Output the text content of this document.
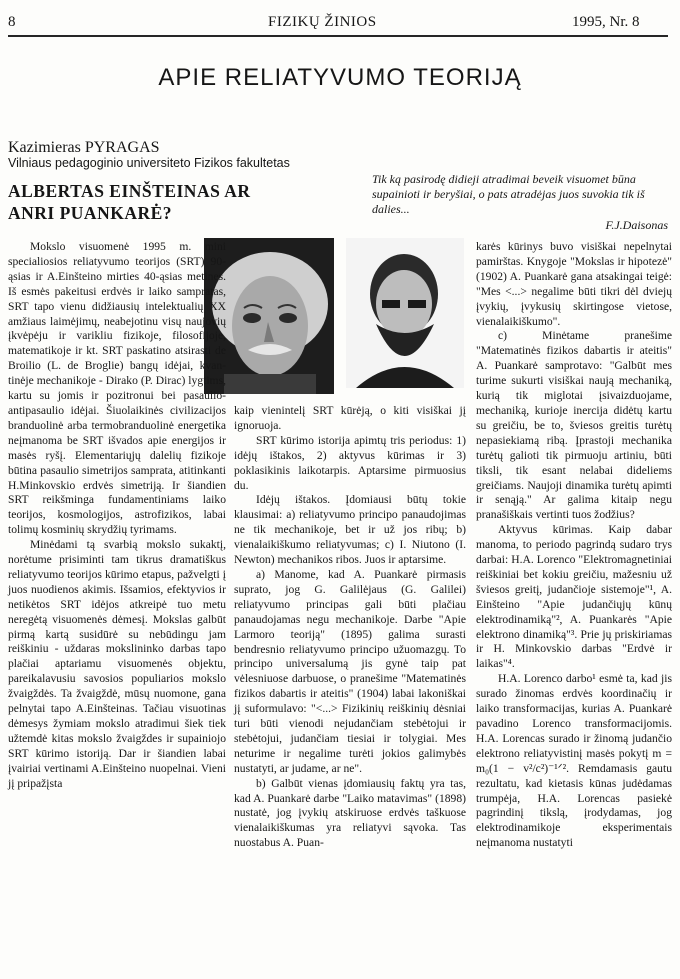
8	FIZIKŲ ŽINIOS	1995, Nr. 8
APIE RELIATYVUMO TEORIJĄ
Kazimieras PYRAGAS
Vilniaus pedagoginio universiteto Fizikos fakultetas
ALBERTAS EINŠTEINAS AR
ANRI PUANKARĖ?
Tik ką pasirodę didieji atradimai beveik visuomet būna supainioti ir beryšiai, o pats atradėjas juos suvokia tik iš dalies...
F.J.Daisonas

Mokslo visuomenė 1995 m. mini specialiosios reliatyvumo teorijos (SRT) 90-ąsias ir A.Einšteino mirties 40-ąsias metines. Iš esmės pakeitusi erdvės ir laiko sampratas, SRT tapo vienu didžiausių intelektualių XX amžiaus laimėjimų, neabejotinu visų naujovių įkvėpėju ir varikliu fizikoje, filosofijoje, matematikoje ir kt. SRT paskatino atsirasti de Broilio (L. de Broglie) bangų idėjai, kvan- tinėje mechanikoje - Dirako (P. Dirac) lygtims, kartu su jomis ir pozitronui bei pasaulio-antipasaulio idėjai. Šiuolaikinės civilizacijos branduolinė arba termobranduolinė energetika neįmanoma be SRT išvados apie energijos ir masės ryšį. Elementariųjų dalelių fizikoje būtina pasaulio simetrijos samprata, atitinkanti H.Minkovskio erdvės simetriją. Ir šiandien SRT reikšminga fundamentiniams laiko teorijos, kosmologijos, astrofizikos, labai tolimų kosminių skrydžių tyrimams.

Minėdami tą svarbią mokslo sukaktį, norėtume prisiminti tam tikrus dramatiškus reliatyvumo teorijos kūrimo etapus, pažvelgti į juos nuodienos akimis. Išsamios, efektyvios ir netikėtos SRT idėjos atkreipė tuo metu neregėtą visuomenės dėmesį. Mokslas galbūt pirmą kartą susidūrė su nebūdingu jam reiškiniu - uždaras mokslininko darbas tapo plačiai aptariamu visuomenės objektu, pareikalavusiu savosios populiarios mokslo žvaigždės. Ta žvaigždė, mūsų nuomone, gana pelnytai tapo A.Einšteinas. Tačiau visuotinas dėmesys žymiam mokslo atradimui šiek tiek užtemdė kitas mokslo žvaigždes ir supainiojo SRT kūrimo istoriją. Dar ir šiandien labai įvairiai vertinami A.Einšteino nuopelnai. Vieni jį pripažįsta

kaip vienintelį SRT kūrėją, o kiti visiškai jį ignoruoja.

SRT kūrimo istorija apimtų tris periodus: 1) idėjų ištakos, 2) aktyvus kūrimas ir 3) poklasikinis laikotarpis. Aptarsime pirmuosius du.

Idėjų ištakos. Įdomiausi būtų tokie klausimai: a) reliatyvumo principo panaudojimas ne tik mechanikoje, bet ir už jos ribų; b) vienalaikiškumo reliatyvumas; c) I. Niutono (I. Newton) mechanikos ribos. Juos ir aptarsime.

a) Manome, kad A. Puankarė pirmasis suprato, jog G. Galilėjaus (G. Galilei) reliatyvumo principas gali būti plačiau panaudojamas negu mechanikoje. Darbe "Apie Larmoro teoriją" (1895) galima surasti bendresnio reliatyvumo principo užuomazgų. To principo universalumą jis gynė taip pat vėlesniuose darbuose, o pranešime "Matematinės fizikos dabartis ir ateitis" (1904) labai lakoniškai jį suformulavo: "<...> Fizikinių reiškinių dėsniai turi būti vienodi nejudančiam stebėtojui ir stebėtojui, judančiam tiesiai ir tolygiai. Mes neturime ir negalime turėti jokios galimybės nustatyti, ar judame, ar ne".

b) Galbūt vienas įdomiausių faktų yra tas, kad A. Puankarė darbe "Laiko matavimas" (1898) nustatė, jog įvykių atskiruose erdvės taškuose vienalaikiškumas yra reliatyvi sąvoka. Tas nuostabus A. Puan-

karės kūrinys buvo visiškai nepelnytai pamirštas. Knygoje "Mokslas ir hipotezė" (1902) A. Puankarė gana atsakingai teigė: "Mes <...> negalime būti tikri dėl dviejų įvykių, įvykusių skirtingose vietose, vienalaikiškumo".

c) Minėtame pranešime "Matematinės fizikos dabartis ir ateitis" A. Puankarė samprotavo: "Galbūt mes turime sukurti visiškai naują mechaniką, kurią tik miglotai įsivaizduojame, mechaniką, kurioje inercija didėtų kartu su greičiu, be to, šviesos greitis turėtų nepasiekiamą ribą. Įprastoji mechanika turėtų galioti tik pirmuoju artiniu, būti tiksli, tik esant nelabai dideliems greičiams. Naujoji dinamika turėtų apimti ir senąją." Ar galima kitaip negu pranašiškais vertinti tuos žodžius?

Aktyvus kūrimas. Kaip dabar manoma, to periodo pagrindą sudaro trys darbai: H.A. Lorenco "Elektromagnetiniai reiškiniai bet kokiu greičiu, mažesniu už šviesos greitį, judančioje sistemoje"¹, A. Einšteino "Apie judančiųjų kūnų elektrodinamiką"², A. Puankarės "Apie elektrono dinamiką"³. Prie jų priskiriamas ir H. Minkovskio darbas "Erdvė ir laikas"⁴.

H.A. Lorenco darbo¹ esmė ta, kad jis surado žinomas erdvės koordinačių ir laiko transformacijas, kurias A. Puankarė pavadino Lorenco transformacijomis. H.A. Lorencas surado ir žinomą judančio elektrono reliatyvistinį masės pokytį m = m₀(1 − v²/c²)⁻¹ᐟ². Remdamasis gautu rezultatu, kad kietasis kūnas judėdamas trumpėja, H.A. Lorencas pasiekė pagrindinį tikslą, įrodydamas, jog elektrodinamikoje eksperimentais neįmanoma nustatyti
